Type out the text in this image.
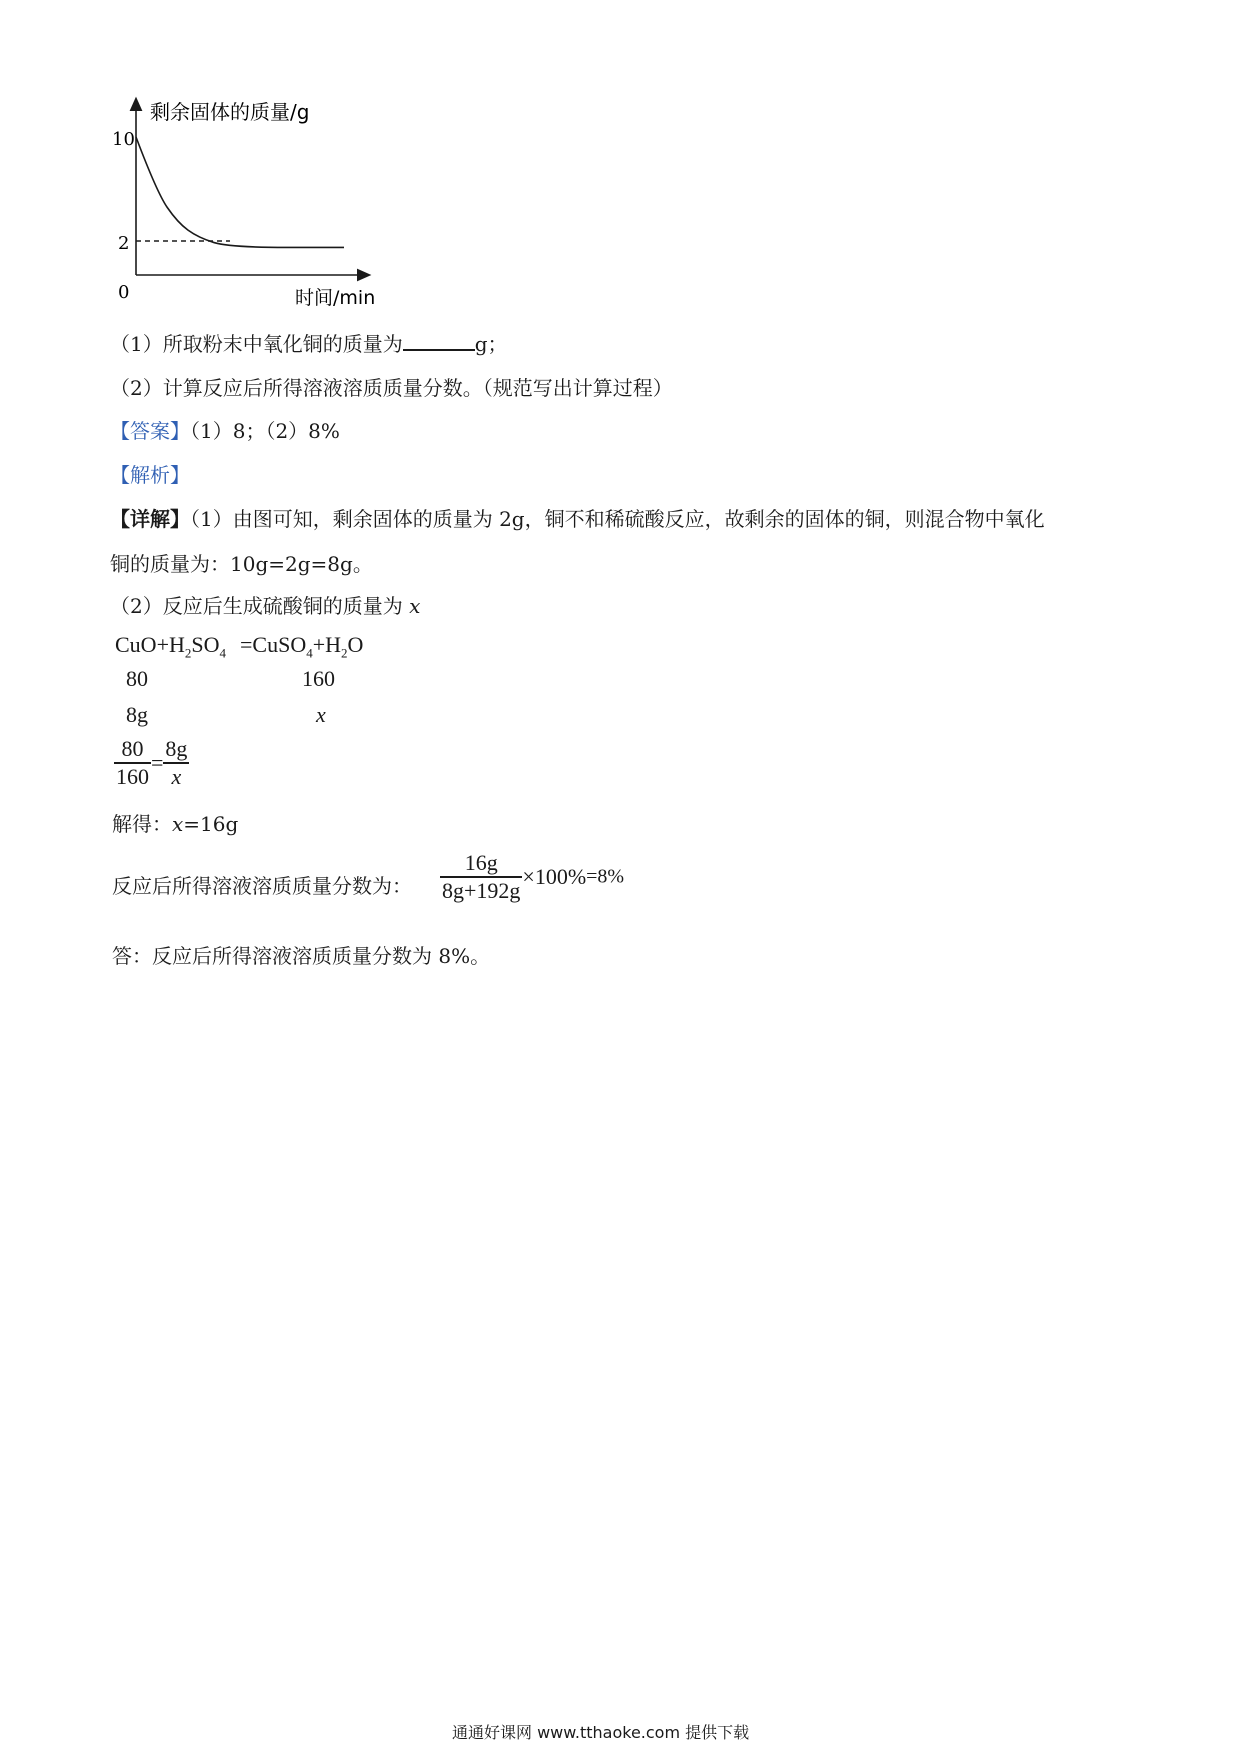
剩余固体的质量/g
时间/min
10
2
0
（1）所取粉末中氧化铜的质量为	g；
（2）计算反应后所得溶液溶质质量分数。（规范写出计算过程）
【答案】（1）8；（2）8%
【解析】
【详解】（1）由图可知，剩余固体的质量为 2g，铜不和稀硫酸反应，故剩余的固体的铜，则混合物中氧化
铜的质量为：10g=2g=8g。
（2）反应后生成硫酸铜的质量为 x
$CuO+H_2SO_4$ $=CuSO_4+H_2O$
80	160
8g	x
$\frac{80}{160} = \frac{8g}{x}$
解得：x=16g
反应后所得溶液溶质质量分数为： $\frac{16g}{8g+192g} \times 100\%=8\%$
答：反应后所得溶液溶质质量分数为 8%。
通通好课网 www.tthaoke.com 提供下载
